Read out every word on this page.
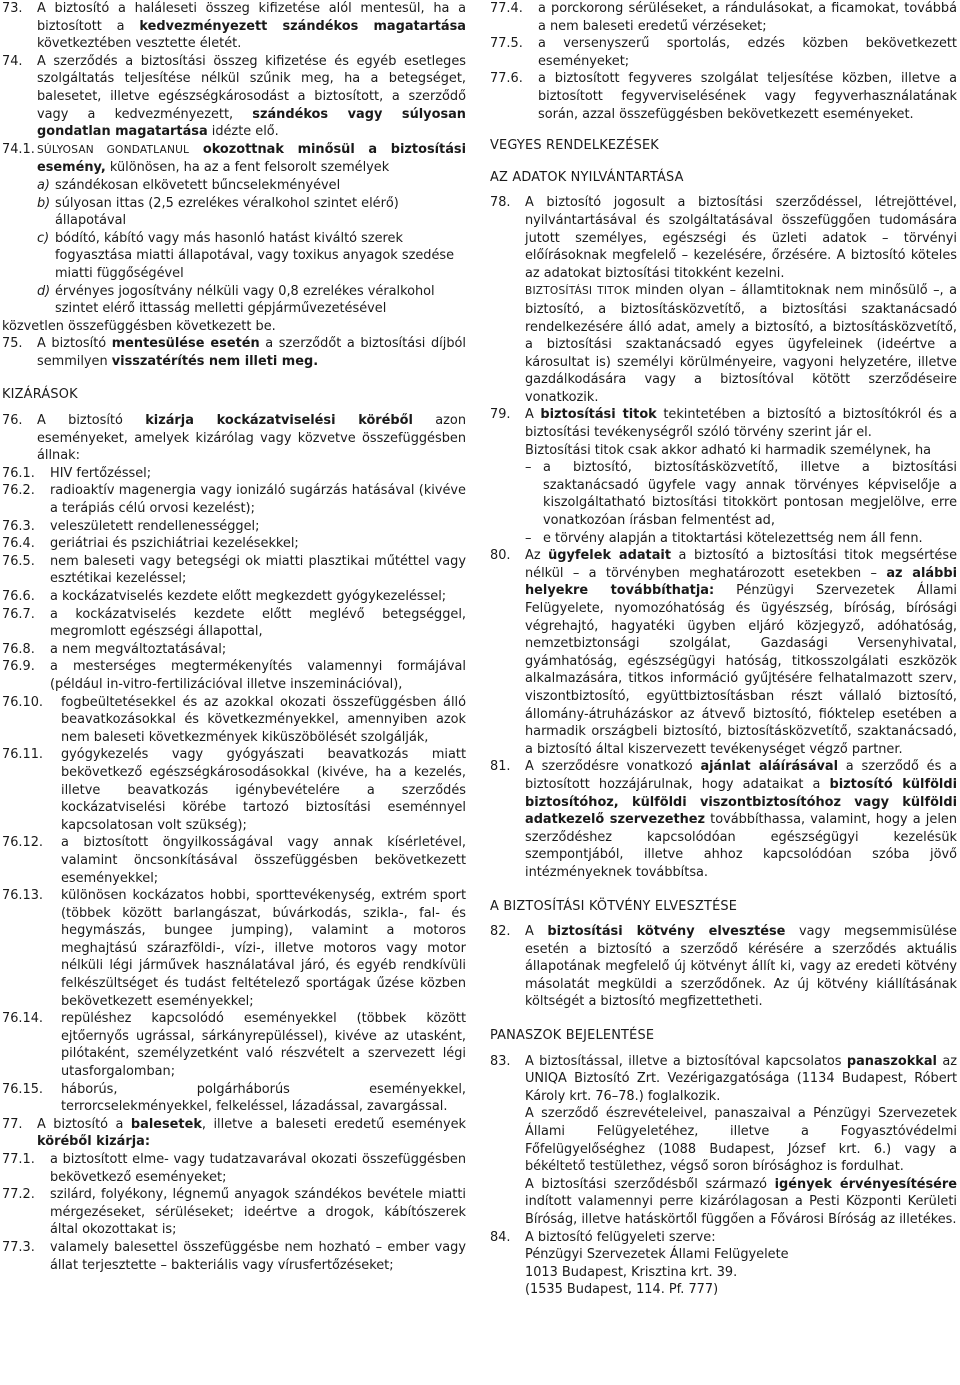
73.	A biztosító a haláleseti összeg kifizetése alól mentesül, ha a biztosított a kedvezményezett szándékos magatartása következtében vesztette életét.
74.	A szerződés a biztosítási összeg kifizetése és egyéb esetleges szolgáltatás teljesítése nélkül szűnik meg, ha a betegséget, balesetet, illetve egészségkárosodást a biztosított, a szerződő vagy a kedvezményezett, szándékos vagy súlyosan gondatlan magatartása idézte elő.
74.1. SÚLYOSAN GONDATLANUL okozottnak minősül a biztosítási esemény, különösen, ha az a fent felsorolt személyek
a) szándékosan elkövetett bűncselekményével
b) súlyosan ittas (2,5 ezrelékes véralkohol szintet elérő) állapotával
c) bódító, kábító vagy más hasonló hatást kiváltó szerek fogyasztása miatti állapotával, vagy toxikus anyagok szedése miatti függőségével
d) érvényes jogosítvány nélküli vagy 0,8 ezrelékes véralkohol szintet elérő ittasság melletti gépjárművezetésével
közvetlen összefüggésben következett be.
75.	A biztosító mentesülése esetén a szerződőt a biztosítási díjból semmilyen visszatérítés nem illeti meg.
KIZÁRÁSOK
76.	A biztosító kizárja kockázatviselési köréből azon eseményeket, amelyek kizárólag vagy közvetve összefüggésben állnak:
76.1.	HIV fertőzéssel;
76.2.	radioaktív magenergia vagy ionizáló sugárzás hatásával (kivéve a terápiás célú orvosi kezelést);
76.3.	veleszületett rendellenességgel;
76.4.	geriátriai és pszichiátriai kezelésekkel;
76.5.	nem baleseti vagy betegségi ok miatti plasztikai műtéttel vagy esztétikai kezeléssel;
76.6.	a kockázatviselés kezdete előtt megkezdett gyógykezeléssel;
76.7.	a kockázatviselés kezdete előtt meglévő betegséggel, megromlott egészségi állapottal,
76.8.	a nem megváltoztatásával;
76.9.	a mesterséges megtermékenyítés valamennyi formájával (például in-vitro-fertilizációval illetve inszeminációval),
76.10.	fogbeültetésekkel és az azokkal okozati összefüggésben álló beavatkozásokkal és következményekkel, amennyiben azok nem baleseti következmények kiküszöbölését szolgálják,
76.11.	gyógykezelés vagy gyógyászati beavatkozás miatt bekövetkező egészségkárosodásokkal (kivéve, ha a kezelés, illetve beavatkozás igénybevételére a szerződés kockázatviselési körébe tartozó biztosítási eseménnyel kapcsolatosan volt szükség);
76.12.	a biztosított öngyilkosságával vagy annak kísérletével, valamint öncsonkításával összefüggésben bekövetkezett eseményekkel;
76.13.	különösen kockázatos hobbi, sporttevékenység, extrém sport (többek között barlangászat, búvárkodás, szikla-, fal- és hegymászás, bungee jumping), valamint a motoros meghajtású szárazföldi-, vízi-, illetve motoros vagy motor nélküli légi járművek használatával járó, és egyéb rendkívüli felkészültséget és tudást feltételező sportágak űzése közben bekövetkezett eseményekkel;
76.14.	repüléshez kapcsolódó eseményekkel (többek között ejtőernyős ugrással, sárkányrepüléssel), kivéve az utasként, pilótaként, személyzetként való részvételt a szervezett légi utasforgalomban;
76.15.	háborús, polgárháborús eseményekkel, terrorcselekményekkel, felkeléssel, lázadással, zavargással.
77.	A biztosító a balesetek, illetve a baleseti eredetű események köréből kizárja:
77.1.	a biztosított elme- vagy tudatzavarával okozati összefüggésben bekövetkező eseményeket;
77.2.	szilárd, folyékony, légnemű anyagok szándékos bevétele miatti mérgezéseket, sérüléseket; ideértve a drogok, kábítószerek által okozottakat is;
77.3.	valamely balesettel összefüggésbe nem hozható – ember vagy állat terjesztette – bakteriális vagy vírusfertőzéseket;
77.4.	a porckorong sérüléseket, a rándulásokat, a ficamokat, továbbá a nem baleseti eredetű vérzéseket;
77.5.	a versenyszerű sportolás, edzés közben bekövetkezett eseményeket;
77.6.	a biztosított fegyveres szolgálat teljesítése közben, illetve a biztosított fegyverviselésének vagy fegyverhasználatának során, azzal összefüggésben bekövetkezett eseményeket.
VEGYES RENDELKEZÉSEK
AZ ADATOK NYILVÁNTARTÁSA
78.	A biztosító jogosult a biztosítási szerződéssel, létrejöttével, nyilvántartásával és szolgáltatásával összefüggően tudomására jutott személyes, egészségi és üzleti adatok – törvényi előírásoknak megfelelő – kezelésére, őrzésére. A biztosító köteles az adatokat biztosítási titokként kezelni.
BIZTOSÍTÁSI TITOK minden olyan – államtitoknak nem minősülő –, a biztosító, a biztosításközvetítő, a biztosítási szaktanácsadó rendelkezésére álló adat, amely a biztosító, a biztosításközvetítő, a biztosítási szaktanácsadó egyes ügyfeleinek (ideértve a károsultat is) személyi körülményeire, vagyoni helyzetére, illetve gazdálkodására vagy a biztosítóval kötött szerződéseire vonatkozik.
79.	A biztosítási titok tekintetében a biztosító a biztosítókról és a biztosítási tevékenységről szóló törvény szerint jár el.
Biztosítási titok csak akkor adható ki harmadik személynek, ha
– a biztosító, biztosításközvetítő, illetve a biztosítási szaktanácsadó ügyfele vagy annak törvényes képviselője a kiszolgáltatható biztosítási titokkört pontosan megjelölve, erre vonatkozóan írásban felmentést ad,
– e törvény alapján a titoktartási kötelezettség nem áll fenn.
80.	Az ügyfelek adatait a biztosító a biztosítási titok megsértése nélkül – a törvényben meghatározott esetekben – az alábbi helyekre továbbíthatja: Pénzügyi Szervezetek Állami Felügyelete, nyomozóhatóság és ügyészség, bíróság, bírósági végrehajtó, hagyatéki ügyben eljáró közjegyző, adóhatóság, nemzetbiztonsági szolgálat, Gazdasági Versenyhivatal, gyámhatóság, egészségügyi hatóság, titkosszolgálati eszközök alkalmazására, titkos információ gyűjtésére felhatalmazott szerv, viszontbiztosító, együttbiztosításban részt vállaló biztosító, állomány-átruházáskor az átvevő biztosító, fióktelep esetében a harmadik országbeli biztosító, biztosításközvetítő, szaktanácsadó, a biztosító által kiszervezett tevékenységet végző partner.
81.	A szerződésre vonatkozó ajánlat aláírásával a szerződő és a biztosított hozzájárulnak, hogy adataikat a biztosító külföldi biztosítóhoz, külföldi viszontbiztosítóhoz vagy külföldi adatkezelő szervezethez továbbíthassa, valamint, hogy a jelen szerződéshez kapcsolódóan egészségügyi kezelésük szempontjából, illetve ahhoz kapcsolódóan szóba jövő intézményeknek továbbítsa.
A BIZTOSÍTÁSI KÖTVÉNY ELVESZTÉSE
82.	A biztosítási kötvény elvesztése vagy megsemmisülése esetén a biztosító a szerződő kérésére a szerződés aktuális állapotának megfelelő új kötvényt állít ki, vagy az eredeti kötvény másolatát megküldi a szerződőnek. Az új kötvény kiállításának költségét a biztosító megfizettetheti.
PANASZOK BEJELENTÉSE
83.	A biztosítással, illetve a biztosítóval kapcsolatos panaszokkal az UNIQA Biztosító Zrt. Vezérigazgatósága (1134 Budapest, Róbert Károly krt. 76–78.) foglalkozik.
A szerződő észrevételeivel, panaszaival a Pénzügyi Szervezetek Állami Felügyeletéhez, illetve a Fogyasztóvédelmi Főfelügyelőséghez (1088 Budapest, József krt. 6.) vagy a békéltető testülethez, végső soron bírósághoz is fordulhat.
A biztosítási szerződésből származó igények érvényesítésére indított valamennyi perre kizárólagosan a Pesti Központi Kerületi Bíróság, illetve hatáskörtől függően a Fővárosi Bíróság az illetékes.
84.	A biztosító felügyeleti szerve:
Pénzügyi Szervezetek Állami Felügyelete
1013 Budapest, Krisztina krt. 39.
(1535 Budapest, 114. Pf. 777)
